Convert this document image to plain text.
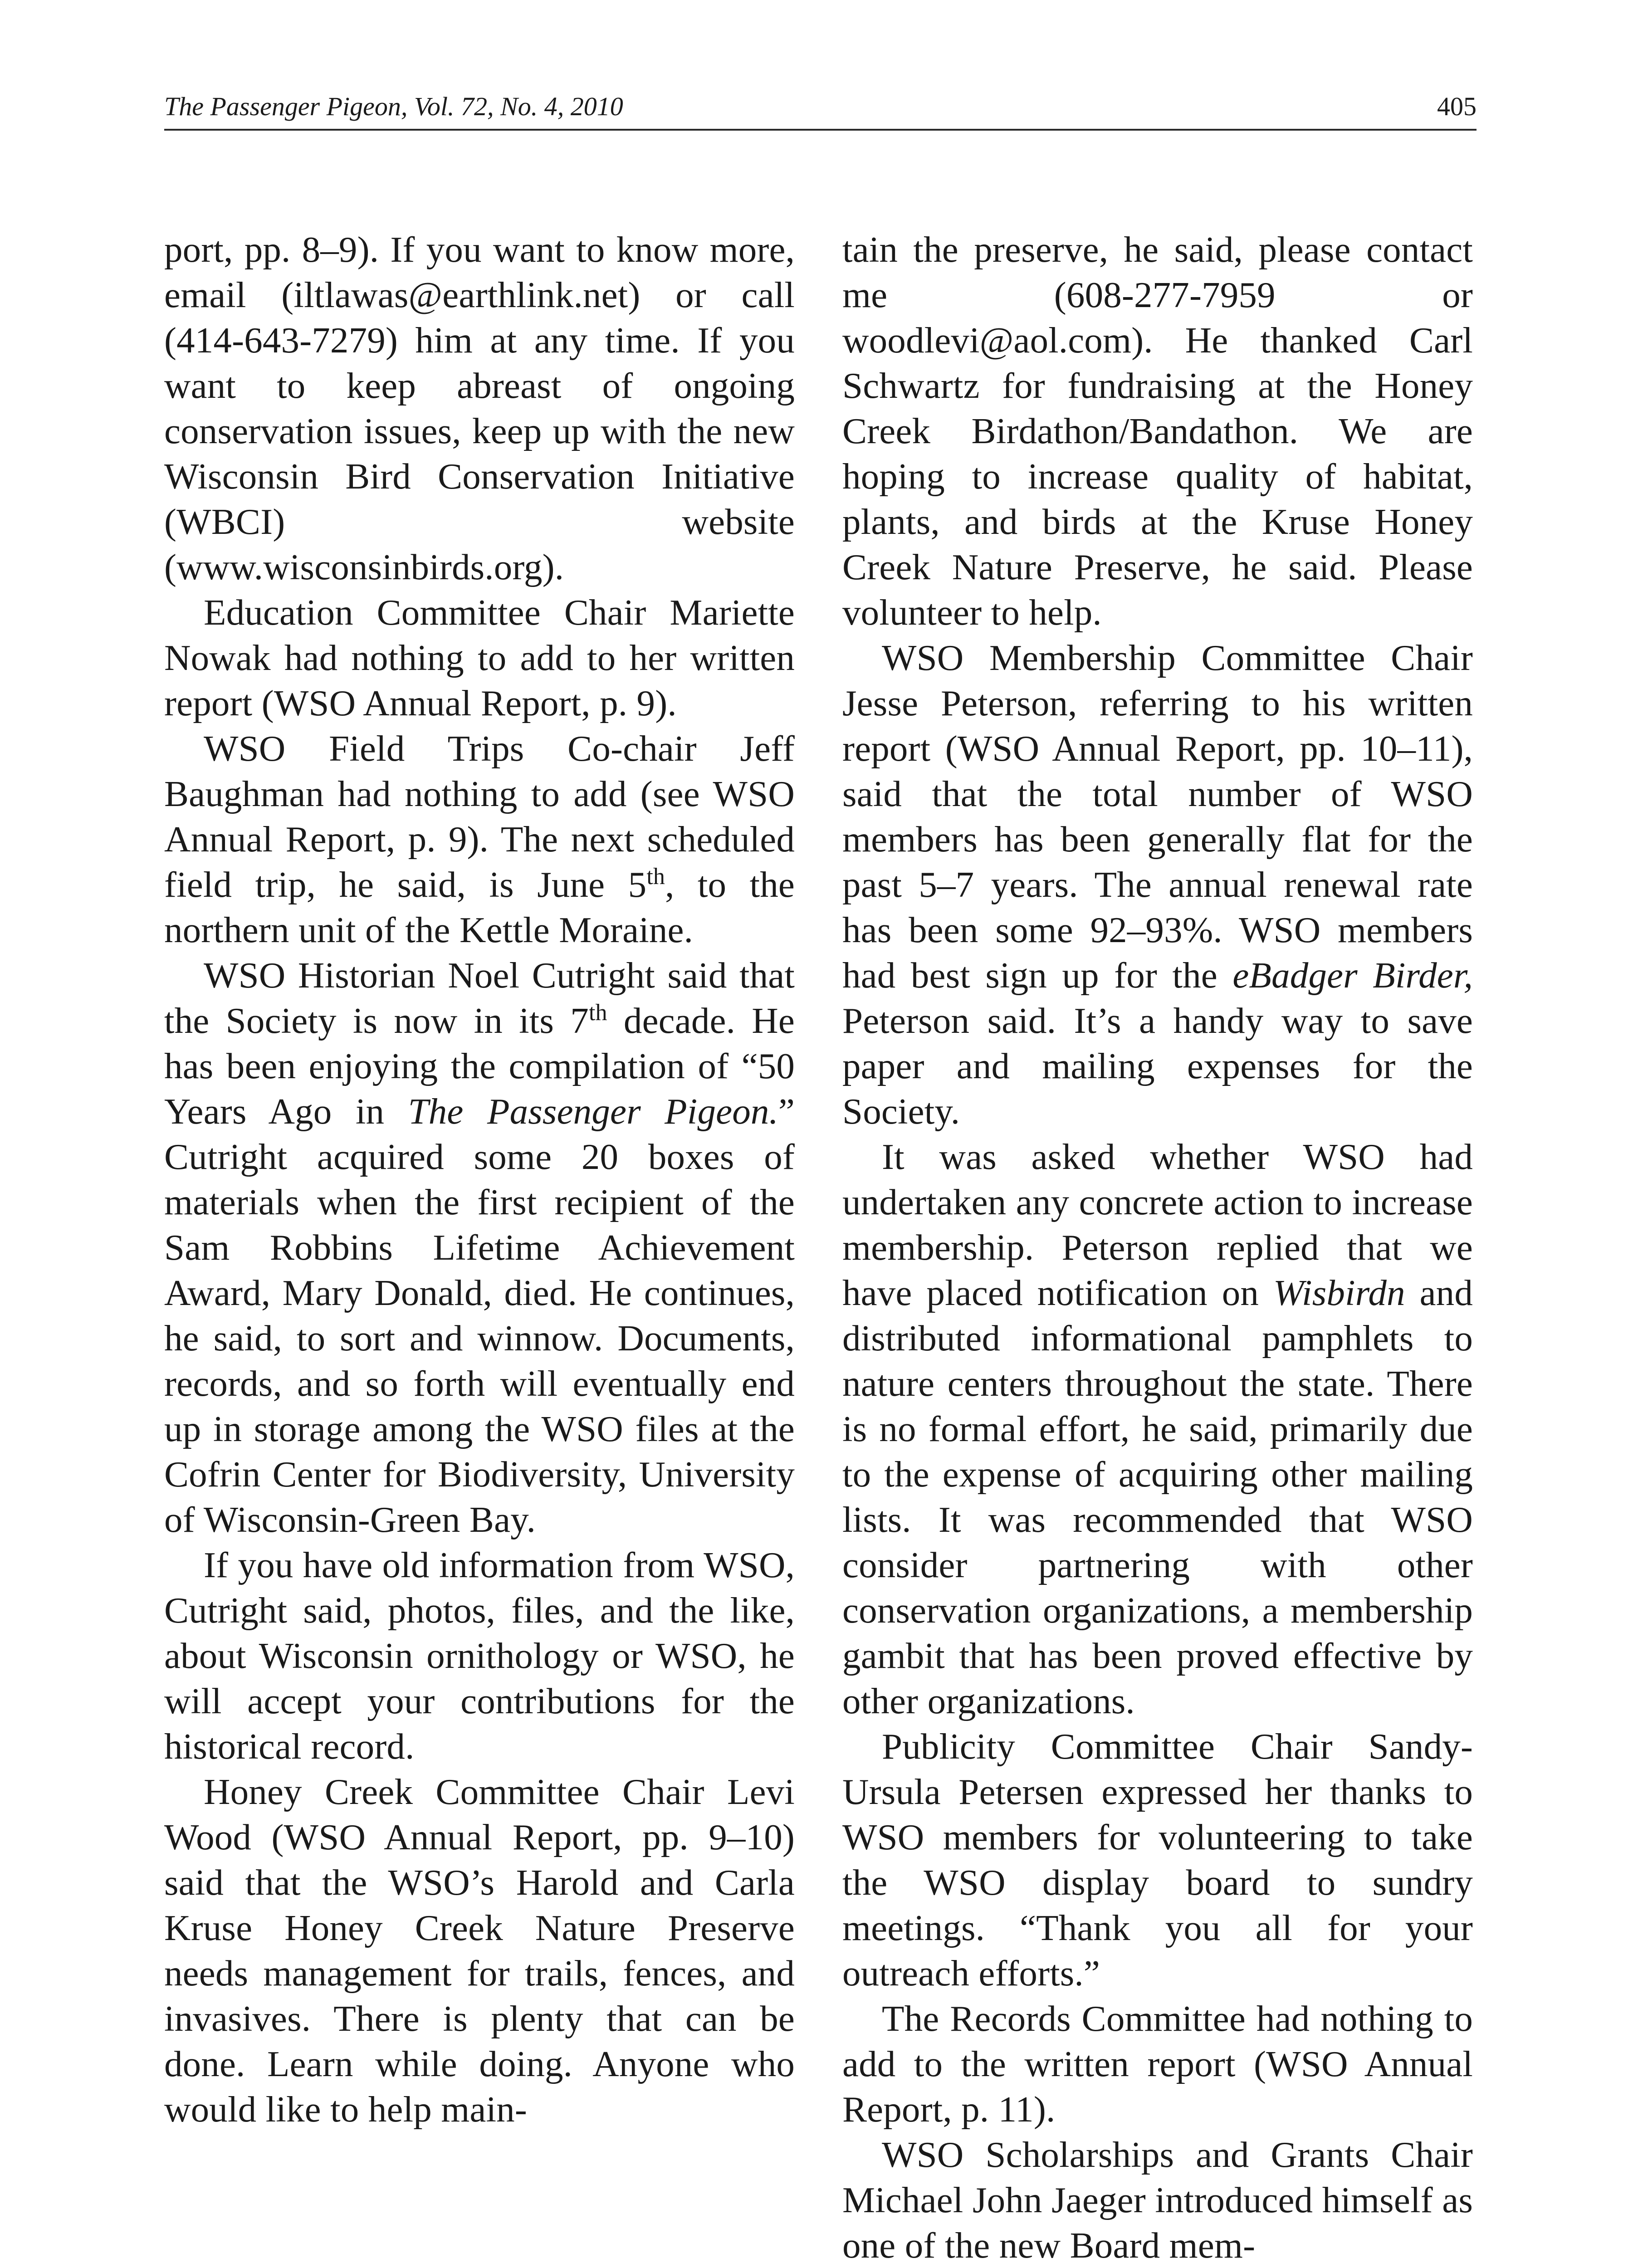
The Passenger Pigeon, Vol. 72, No. 4, 2010	405

port, pp. 8–9). If you want to know more, email (iltlawas@earthlink.net) or call (414-643-7279) him at any time. If you want to keep abreast of ongoing conservation issues, keep up with the new Wisconsin Bird Conservation Initiative (WBCI) website (www.wisconsinbirds.org).

Education Committee Chair Mariette Nowak had nothing to add to her written report (WSO Annual Report, p. 9).

WSO Field Trips Co-chair Jeff Baughman had nothing to add (see WSO Annual Report, p. 9). The next scheduled field trip, he said, is June 5th, to the northern unit of the Kettle Moraine.

WSO Historian Noel Cutright said that the Society is now in its 7th decade. He has been enjoying the compilation of “50 Years Ago in The Passenger Pigeon.” Cutright acquired some 20 boxes of materials when the first recipient of the Sam Robbins Lifetime Achievement Award, Mary Donald, died. He continues, he said, to sort and winnow. Documents, records, and so forth will eventually end up in storage among the WSO files at the Cofrin Center for Biodiversity, University of Wisconsin-Green Bay.

If you have old information from WSO, Cutright said, photos, files, and the like, about Wisconsin ornithology or WSO, he will accept your contributions for the historical record.

Honey Creek Committee Chair Levi Wood (WSO Annual Report, pp. 9–10) said that the WSO’s Harold and Carla Kruse Honey Creek Nature Preserve needs management for trails, fences, and invasives. There is plenty that can be done. Learn while doing. Anyone who would like to help main-

tain the preserve, he said, please contact me (608-277-7959 or woodlevi@aol.com). He thanked Carl Schwartz for fundraising at the Honey Creek Birdathon/Bandathon. We are hoping to increase quality of habitat, plants, and birds at the Kruse Honey Creek Nature Preserve, he said. Please volunteer to help.

WSO Membership Committee Chair Jesse Peterson, referring to his written report (WSO Annual Report, pp. 10–11), said that the total number of WSO members has been generally flat for the past 5–7 years. The annual renewal rate has been some 92–93%. WSO members had best sign up for the eBadger Birder, Peterson said. It’s a handy way to save paper and mailing expenses for the Society.

It was asked whether WSO had undertaken any concrete action to increase membership. Peterson replied that we have placed notification on Wisbirdn and distributed informational pamphlets to nature centers throughout the state. There is no formal effort, he said, primarily due to the expense of acquiring other mailing lists. It was recommended that WSO consider partnering with other conservation organizations, a membership gambit that has been proved effective by other organizations.

Publicity Committee Chair Sandy-Ursula Petersen expressed her thanks to WSO members for volunteering to take the WSO display board to sundry meetings. “Thank you all for your outreach efforts.”

The Records Committee had nothing to add to the written report (WSO Annual Report, p. 11).

WSO Scholarships and Grants Chair Michael John Jaeger introduced himself as one of the new Board mem-
